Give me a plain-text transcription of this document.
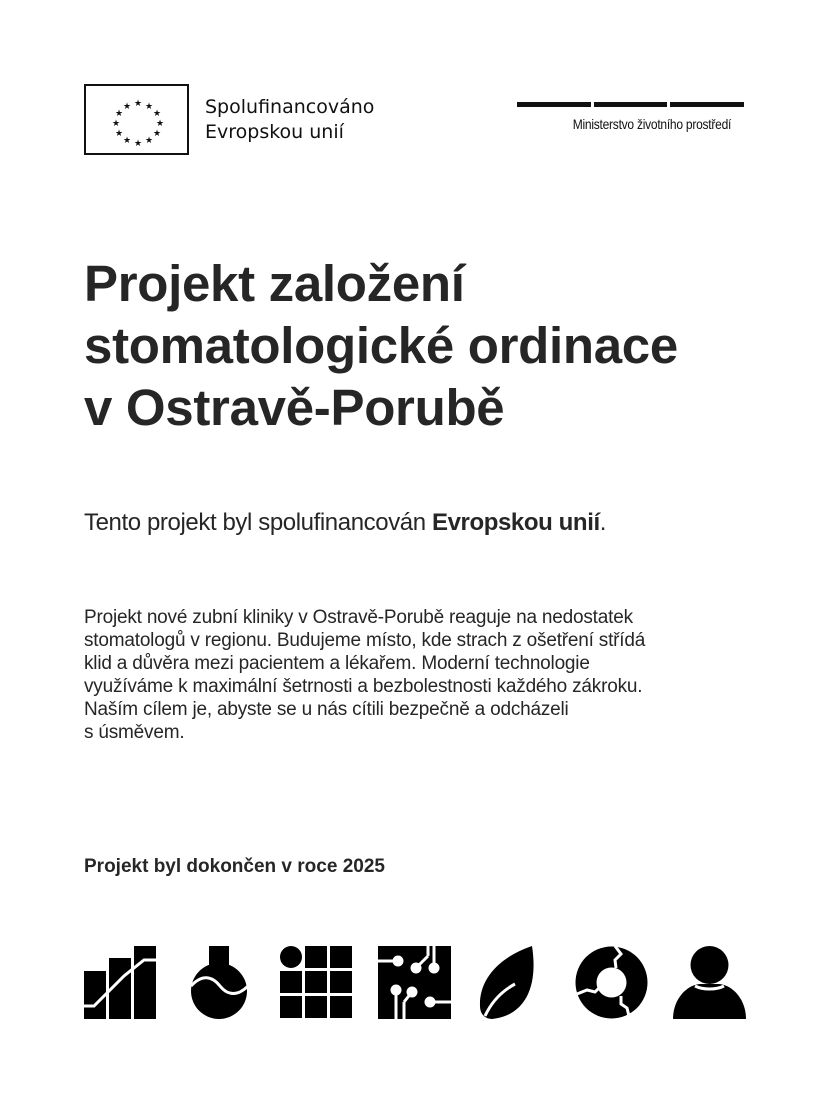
★ ★
★
★
★
★
★
★
★
★
★
★	Spolufinancováno
Evropskou unií	Ministerstvo životního prostředí
Projekt založení
stomatologické ordinace
v Ostravě-Porubě

Tento projekt byl spolufinancován Evropskou unií.

Projekt nové zubní kliniky v Ostravě-Porubě reaguje na nedostatek
stomatologů v regionu. Budujeme místo, kde strach z ošetření střídá
klid a důvěra mezi pacientem a lékařem. Moderní technologie
využíváme k maximální šetrnosti a bezbolestnosti každého zákroku.
Naším cílem je, abyste se u nás cítili bezpečně a odcházeli
s úsměvem.

Projekt byl dokončen v roce 2025
